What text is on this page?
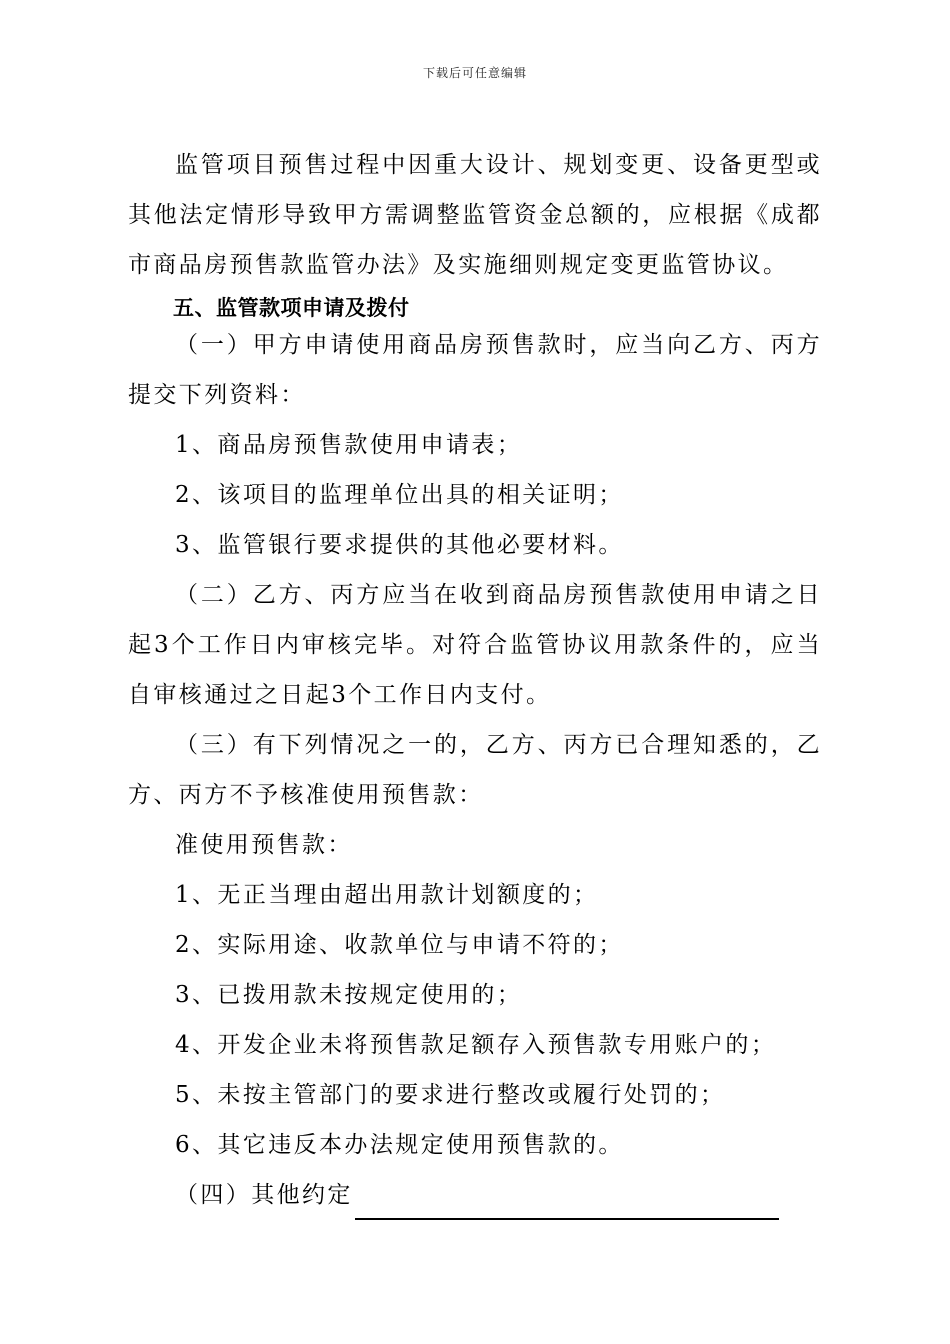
下载后可任意编辑

监管项目预售过程中因重大设计、规划变更、设备更型或其他法定情形导致甲方需调整监管资金总额的，应根据《成都市商品房预售款监管办法》及实施细则规定变更监管协议。

五、监管款项申请及拨付

（一）甲方申请使用商品房预售款时，应当向乙方、丙方提交下列资料：

1、商品房预售款使用申请表；

2、该项目的监理单位出具的相关证明；

3、监管银行要求提供的其他必要材料。

（二）乙方、丙方应当在收到商品房预售款使用申请之日起3个工作日内审核完毕。对符合监管协议用款条件的，应当自审核通过之日起3个工作日内支付。

（三）有下列情况之一的，乙方、丙方已合理知悉的，乙方、丙方不予核准使用预售款：

准使用预售款：

1、无正当理由超出用款计划额度的；

2、实际用途、收款单位与申请不符的；

3、已拨用款未按规定使用的；

4、开发企业未将预售款足额存入预售款专用账户的；

5、未按主管部门的要求进行整改或履行处罚的；

6、其它违反本办法规定使用预售款的。

（四）其他约定
